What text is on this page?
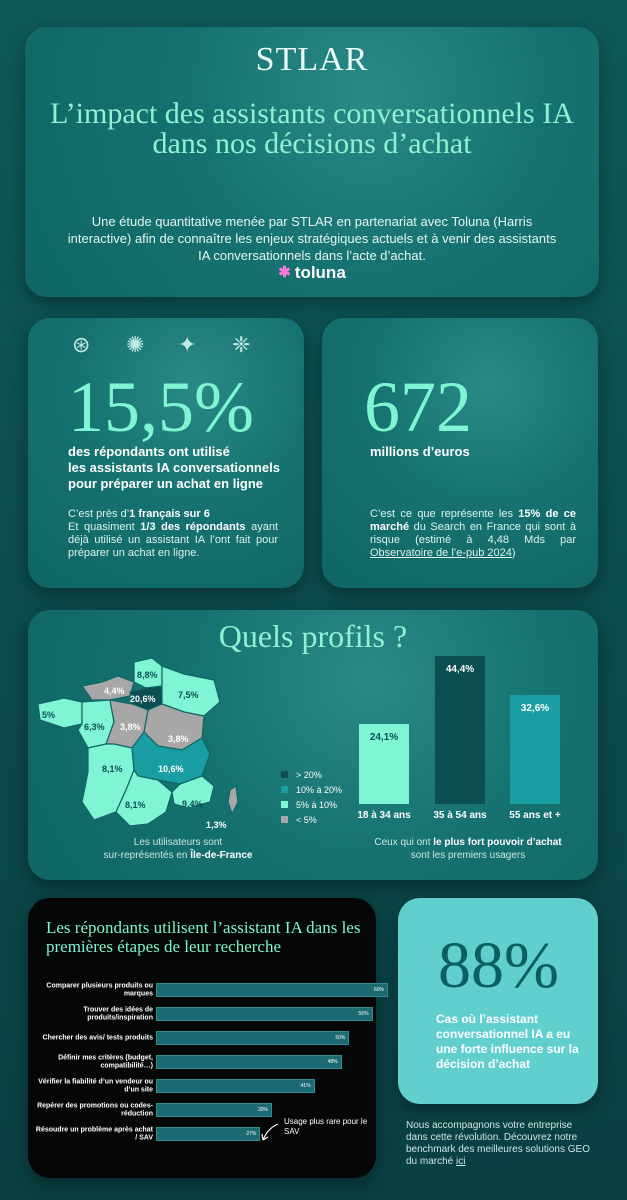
STLAR
L’impact des assistants conversationnels IA dans nos décisions d’achat
Une étude quantitative menée par STLAR en partenariat avec Toluna (Harris interactive) afin de connaître les enjeux stratégiques actuels et à venir des assistants IA conversationnels dans l’acte d’achat.
✱ toluna
⊛ ✺ ✦ ❈
15,5%
des répondants ont utilisé
les assistants IA conversationnels
pour préparer un achat en ligne
C’est près d’1 français sur 6
Et quasiment 1/3 des répondants ayant déjà utilisé un assistant IA l’ont fait pour préparer un achat en ligne.
672
millions d’euros
C’est ce que représente les 15% de ce marché du Search en France qui sont à risque (estimé à 4,48 Mds par Observatoire de l’e-pub 2024)
Quels profils ?
8,8%
4,4%
20,6% 7,5%
5%
6,3% 3,8%
3,8%
8,1%	10,6%
8,1%	9,4%
1,3%
> 20%
10% à 20%
5% à 10%
< 5%
Les utilisateurs sont
sur-représentés en Île-de-France
24,1%
18 à 34 ans
44,4%
35 à 54 ans
32,6%
55 ans et +
Ceux qui ont le plus fort pouvoir d’achat
sont les premiers usagers
Les répondants utilisent l’assistant IA dans les premières étapes de leur recherche
Comparer plusieurs produits ou marques	60%
Trouver des idées de produits/inspiration	56%
Chercher des avis/ tests produits	50%
Définir mes critères (budget, compatibilité…)	48%
Vérifier la fiabilité d’un vendeur ou d’un site	41%
Repérer des promotions ou codes-réduction	30%
Résoudre un problème après achat / SAV	27%
Usage plus rare pour le SAV
88%
Cas où l’assistant conversationnel IA a eu une forte influence sur la décision d’achat
Nous accompagnons votre entreprise dans cette révolution. Découvrez notre benchmark des meilleures solutions GEO du marché ici
